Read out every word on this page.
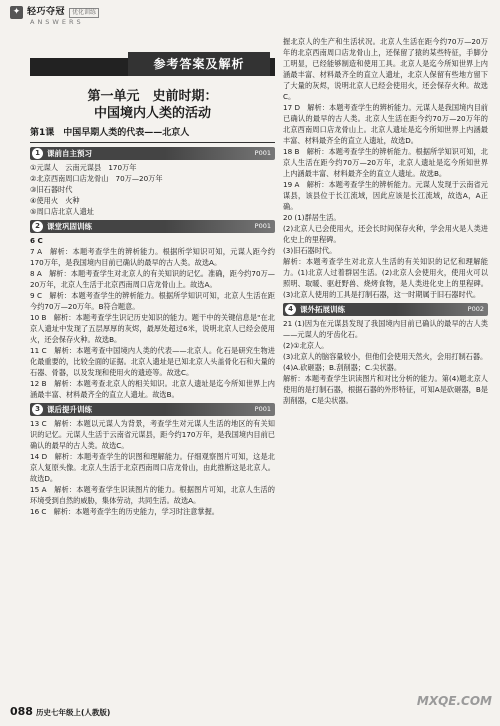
✦ 轻巧夺冠	优化训练
ANSWERS
参考答案及解析
第一单元　史前时期：
中国境内人类的活动
第1课　中国早期人类的代表——北京人
1 课前自主预习	P001
①元谋人　云南元谋县　170万年
②北京西南周口店龙骨山　70万—20万年
③旧石器时代
④使用火　火种
⑤周口店北京人遗址
2 课堂巩固训练	P001
6 C
7 A　解析：本题考查学生的辨析能力。根据所学知识可知，元谋人距今约170万年，是我国境内目前已确认的最早的古人类。故选A。
8 A　解析：本题考查学生对北京人的有关知识的记忆。准确，距今约70万—20万年，北京人生活于北京西南周口店龙骨山上。故选A。
9 C　解析：本题考查学生的辨析能力。根据所学知识可知，北京人生活在距今约70万—20万年。B符合题意。
10 B　解析：本题考查学生识记历史知识的能力。题干中的关键信息是"在北京人遗址中发现了五层厚厚的灰烬，最厚处超过6米，说明北京人已经会使用火，还会保存火种。故选B。
11 C　解析：本题考查中国境内人类的代表——北京人。化石是研究生物进化最重要的，比较全面的证据。北京人遗址是已知北京人头盖骨化石和大量的石器、骨器，以及发现和使用火的遗迹等。故选C。
12 B　解析：本题考查北京人的相关知识。北京人遗址是迄今所知世界上内涵最丰富、材料最齐全的直立人遗址。故选B。
3 课后提升训练	P001
13 C　解析：本题以元谋人为背景，考查学生对元谋人生活的地区的有关知识的记忆。元谋人生活于云南省元谋县，距今约170万年，是我国境内目前已确认的最早的古人类。故选C。
14 D　解析：本题考查学生的识图和理解能力。仔细观察图片可知，这是北京人复原头像。北京人生活于北京西南周口店龙骨山，由此推断这是北京人。故选D。
15 A　解析：本题考查学生识读图片的能力。根据图片可知，北京人生活的环境受到自然的威胁，集体劳动，共同生活。故选A。
16 C　解析：本题考查学生的历史能力，学习时注意掌握。
握北京人的生产和生活状况。北京人生活在距今约70万—20万年的北京西南周口店龙骨山上，还保留了猿的某些特征，手脚分工明显，已经能够制造和使用工具。北京人是迄今所知世界上内涵最丰富、材料最齐全的直立人遗址，北京人保留有些地方留下了大量的灰烬，说明北京人已经会使用火，还会保存火种。故选C。
17 D　解析：本题考查学生的辨析能力。元谋人是我国境内目前已确认的最早的古人类。北京人生活在距今约70万—20万年的北京西南周口店龙骨山上。北京人遗址是迄今所知世界上内涵最丰富、材料最齐全的直立人遗址，故选D。
18 B　解析：本题考查学生的辨析能力。根据所学知识可知，北京人生活在距今约70万—20万年，北京人遗址是迄今所知世界上内涵最丰富、材料最齐全的直立人遗址。故选B。
19 A　解析：本题考查学生的辨析能力。元谋人发现于云南省元谋县，该县位于长江流域，因此应该是长江流域，故选A，A正确。
20 (1)群居生活。
(2)北京人已会使用火，还会长时间保存火种，学会用火是人类进化史上的里程碑。
(3)旧石器时代。
解析：本题考查学生对北京人生活的有关知识的记忆和理解能力。(1)北京人过着群居生活。(2)北京人会使用火，使用火可以照明、取暖、驱赶野兽、烧烤食物，是人类进化史上的里程碑。(3)北京人使用的工具是打制石器，这一时期属于旧石器时代。
4 课外拓展训练	P002
21 (1)因为在元谋县发现了我国境内目前已确认的最早的古人类——元谋人的牙齿化石。
(2)①北京人。
(3)北京人的脑容量较小，但他们会使用天然火，会用打制石器。
(4)A.砍砸器；B.刮削器；C.尖状器。
解析：本题考查学生识读图片和对比分析的能力。第(4)题北京人使用的是打制石器，根据石器的外形特征，可知A是砍砸器，B是刮削器，C是尖状器。
088 历史七年级上(人教版)
MXQE.COM
